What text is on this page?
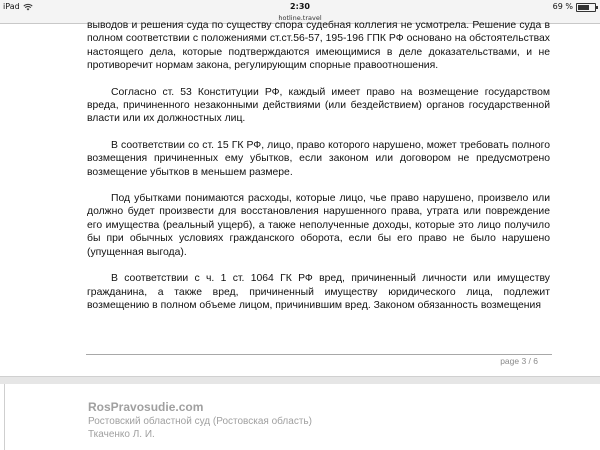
iPad	2:30	69 %
hotline.travel

выводов и решения суда по существу спора судебная коллегия не усмотрела. Решение суда в полном соответствии с положениями ст.ст.56-57, 195-196 ГПК РФ основано на обстоятельствах настоящего дела, которые подтверждаются имеющимися в деле доказательствами, и не противоречит нормам закона, регулирующим спорные правоотношения.

Согласно ст. 53 Конституции РФ, каждый имеет право на возмещение государством вреда, причиненного незаконными действиями (или бездействием) органов государственной власти или их должностных лиц.

В соответствии со ст. 15 ГК РФ, лицо, право которого нарушено, может требовать полного возмещения причиненных ему убытков, если законом или договором не предусмотрено возмещение убытков в меньшем размере.

Под убытками понимаются расходы, которые лицо, чье право нарушено, произвело или должно будет произвести для восстановления нарушенного права, утрата или повреждение его имущества (реальный ущерб), а также неполученные доходы, которые это лицо получило бы при обычных условиях гражданского оборота, если бы его право не было нарушено (упущенная выгода).

В соответствии с ч. 1 ст. 1064 ГК РФ вред, причиненный личности или имуществу гражданина, а также вред, причиненный имуществу юридического лица, подлежит возмещению в полном объеме лицом, причинившим вред. Законом обязанность возмещения

page 3 / 6
RosPravosudie.com
Ростовский областной суд (Ростовская область)
Ткаченко Л. И.
